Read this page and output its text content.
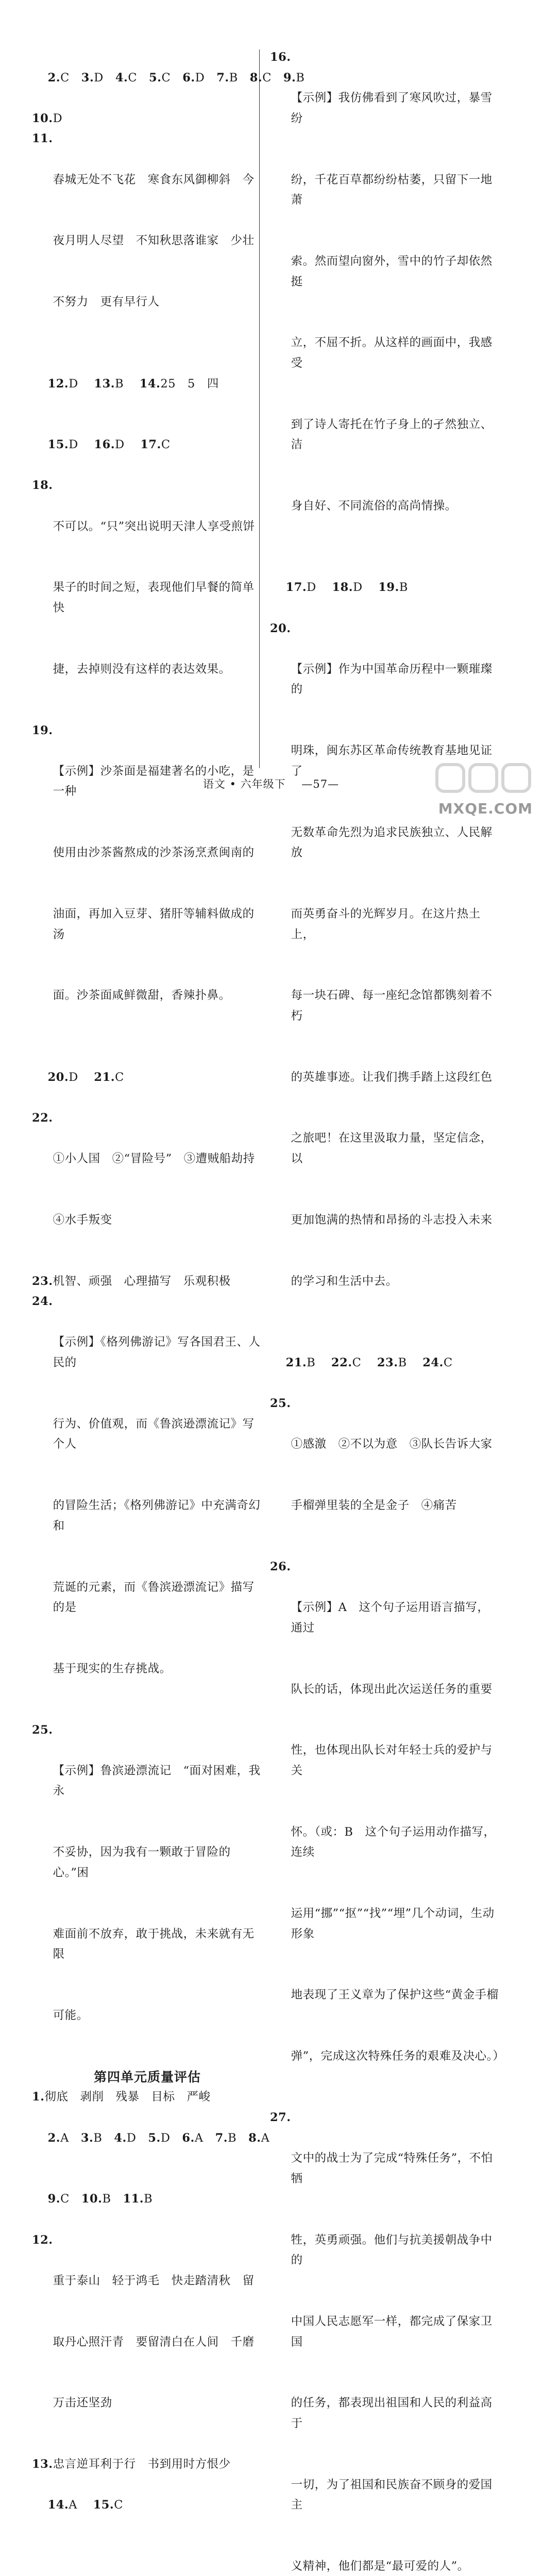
2.C 3.D 4.C 5.C 6.D 7.B 8.C 9.B

10.D
11.

春城无处不飞花　寒食东风御柳斜　今

夜月明人尽望　不知秋思落谁家　少壮

不努力　更有早行人

12.D 13.B 14.25　5　四

15.D 16.D 17.C

18.

不可以。“只”突出说明天津人享受煎饼

果子的时间之短，表现他们早餐的简单快

捷，去掉则没有这样的表达效果。

19.

【示例】沙茶面是福建著名的小吃，是一种

使用由沙茶酱熬成的沙茶汤烹煮闽南的

油面，再加入豆芽、猪肝等辅料做成的汤

面。沙茶面咸鲜微甜，香辣扑鼻。

20.D 21.C

22.

①小人国　②“冒险号”　③遭贼船劫持

④水手叛变

23. 机智、顽强　心理描写　乐观积极
24.

【示例】《格列佛游记》写各国君王、人民的

行为、价值观，而《鲁滨逊漂流记》写个人

的冒险生活；《格列佛游记》中充满奇幻和

荒诞的元素，而《鲁滨逊漂流记》描写的是

基于现实的生存挑战。

25.

【示例】鲁滨逊漂流记　“面对困难，我永

不妥协，因为我有一颗敢于冒险的心。”困

难面前不放弃，敢于挑战，未来就有无限

可能。

第四单元质量评估
1. 彻底　剥削　残暴　目标　严峻

2.A 3.B 4.D 5.D 6.A 7.B 8.A

9.C 10.B 11.B

12.

重于泰山　轻于鸿毛　快走踏清秋　留

取丹心照汗青　要留清白在人间　千磨

万击还坚劲

13. 忠言逆耳利于行　书到用时方恨少

14.A 15.C

16.

【示例】我仿佛看到了寒风吹过，暴雪纷

纷，千花百草都纷纷枯萎，只留下一地萧

索。然而望向窗外，雪中的竹子却依然挺

立，不屈不折。从这样的画面中，我感受

到了诗人寄托在竹子身上的孑然独立、洁

身自好、不同流俗的高尚情操。

17.D 18.D 19.B

20.

【示例】作为中国革命历程中一颗璀璨的

明珠，闽东苏区革命传统教育基地见证了

无数革命先烈为追求民族独立、人民解放

而英勇奋斗的光辉岁月。在这片热土上，

每一块石碑、每一座纪念馆都镌刻着不朽

的英雄事迹。让我们携手踏上这段红色

之旅吧！在这里汲取力量，坚定信念，以

更加饱满的热情和昂扬的斗志投入未来

的学习和生活中去。

21.B 22.C 23.B 24.C

25.

①感激　②不以为意　③队长告诉大家

手榴弹里装的全是金子　④痛苦

26.

【示例】A　这个句子运用语言描写，通过

队长的话，体现出此次运送任务的重要

性，也体现出队长对年轻士兵的爱护与关

怀。（或：B　这个句子运用动作描写，连续

运用“挪”“抠”“找”“埋”几个动词，生动形象

地表现了王义章为了保护这些“黄金手榴

弹”，完成这次特殊任务的艰难及决心。）

27.

文中的战士为了完成“特殊任务”，不怕牺

牲，英勇顽强。他们与抗美援朝战争中的

中国人民志愿军一样，都完成了保家卫国

的任务，都表现出祖国和人民的利益高于

一切，为了祖国和民族奋不顾身的爱国主

义精神，他们都是“最可爱的人”。

语文 • 六年级下 —57—
MXQE.COM
